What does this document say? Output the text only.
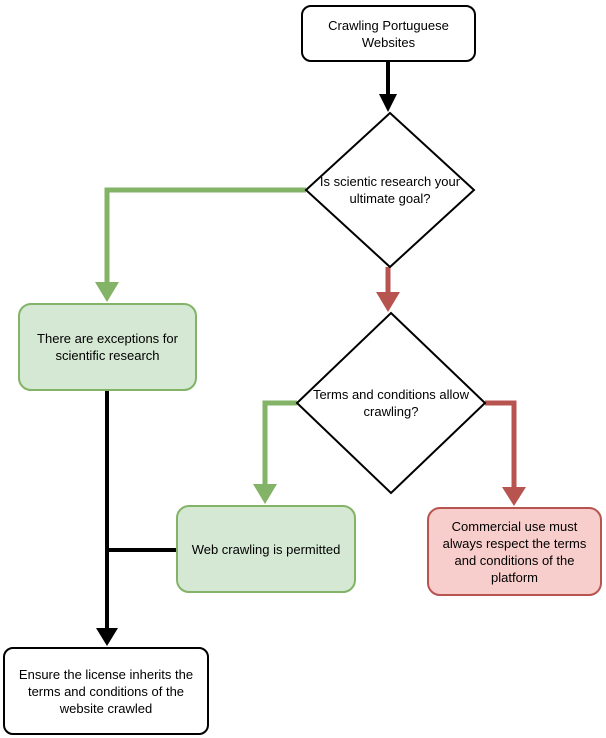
Crawling Portuguese Websites
Is scientic research your ultimate goal?
There are exceptions for scientific research
Terms and conditions allow crawling?
Web crawling is permitted
Commercial use must always respect the terms and conditions of the platform
Ensure the license inherits the terms and conditions of the website crawled
